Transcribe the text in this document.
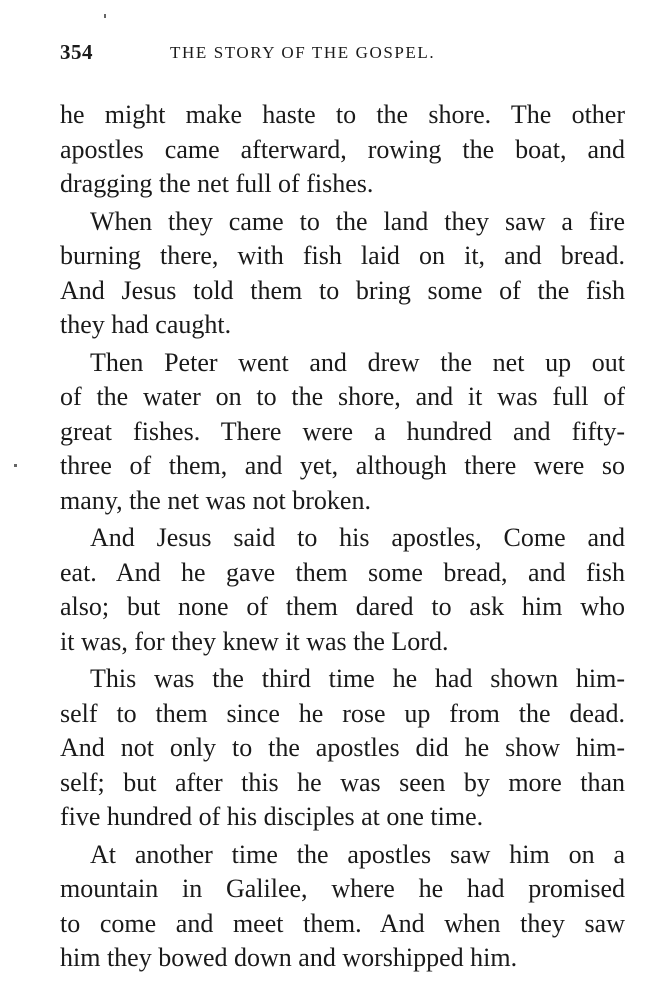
354	THE STORY OF THE GOSPEL.

he might make haste to the shore. The other
apostles came afterward, rowing the boat, and
dragging the net full of fishes.

When they came to the land they saw a fire
burning there, with fish laid on it, and bread.
And Jesus told them to bring some of the fish
they had caught.

Then Peter went and drew the net up out
of the water on to the shore, and it was full of
great fishes. There were a hundred and fifty-
three of them, and yet, although there were so
many, the net was not broken.

And Jesus said to his apostles, Come and
eat. And he gave them some bread, and fish
also; but none of them dared to ask him who
it was, for they knew it was the Lord.

This was the third time he had shown him-
self to them since he rose up from the dead.
And not only to the apostles did he show him-
self; but after this he was seen by more than
five hundred of his disciples at one time.

At another time the apostles saw him on a
mountain in Galilee, where he had promised
to come and meet them. And when they saw
him they bowed down and worshipped him.
